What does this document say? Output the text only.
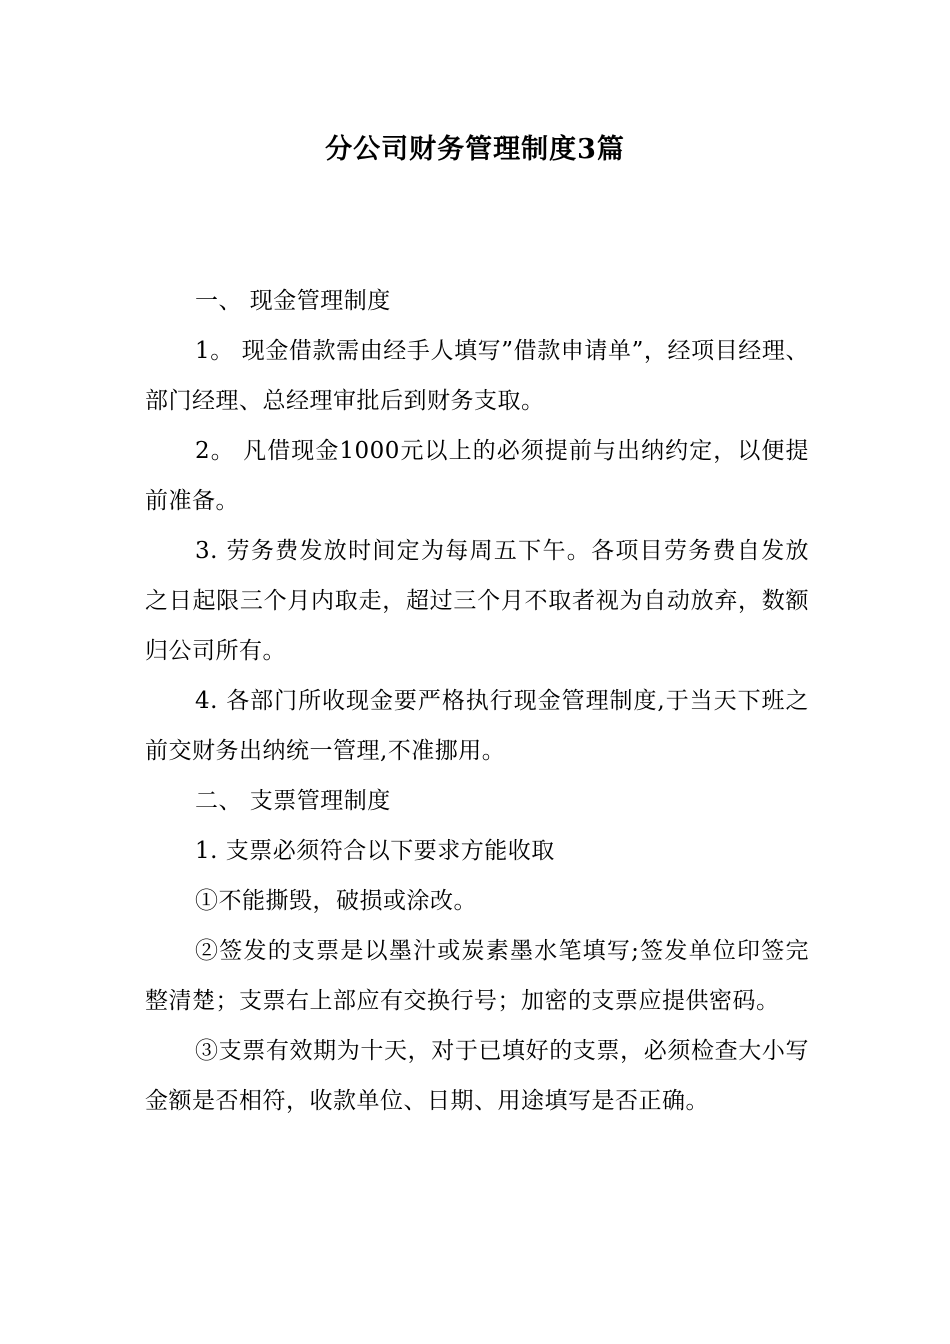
分公司财务管理制度3篇

一、 现金管理制度

1。 现金借款需由经手人填写”借款申请单”，经项目经理、部门经理、总经理审批后到财务支取。

2。 凡借现金1000元以上的必须提前与出纳约定，以便提前准备。

3. 劳务费发放时间定为每周五下午。各项目劳务费自发放之日起限三个月内取走，超过三个月不取者视为自动放弃，数额归公司所有。

4. 各部门所收现金要严格执行现金管理制度,于当天下班之前交财务出纳统一管理,不准挪用。

二、 支票管理制度

1. 支票必须符合以下要求方能收取

①不能撕毁，破损或涂改。

②签发的支票是以墨汁或炭素墨水笔填写;签发单位印签完整清楚；支票右上部应有交换行号；加密的支票应提供密码。

③支票有效期为十天，对于已填好的支票，必须检查大小写金额是否相符，收款单位、日期、用途填写是否正确。
